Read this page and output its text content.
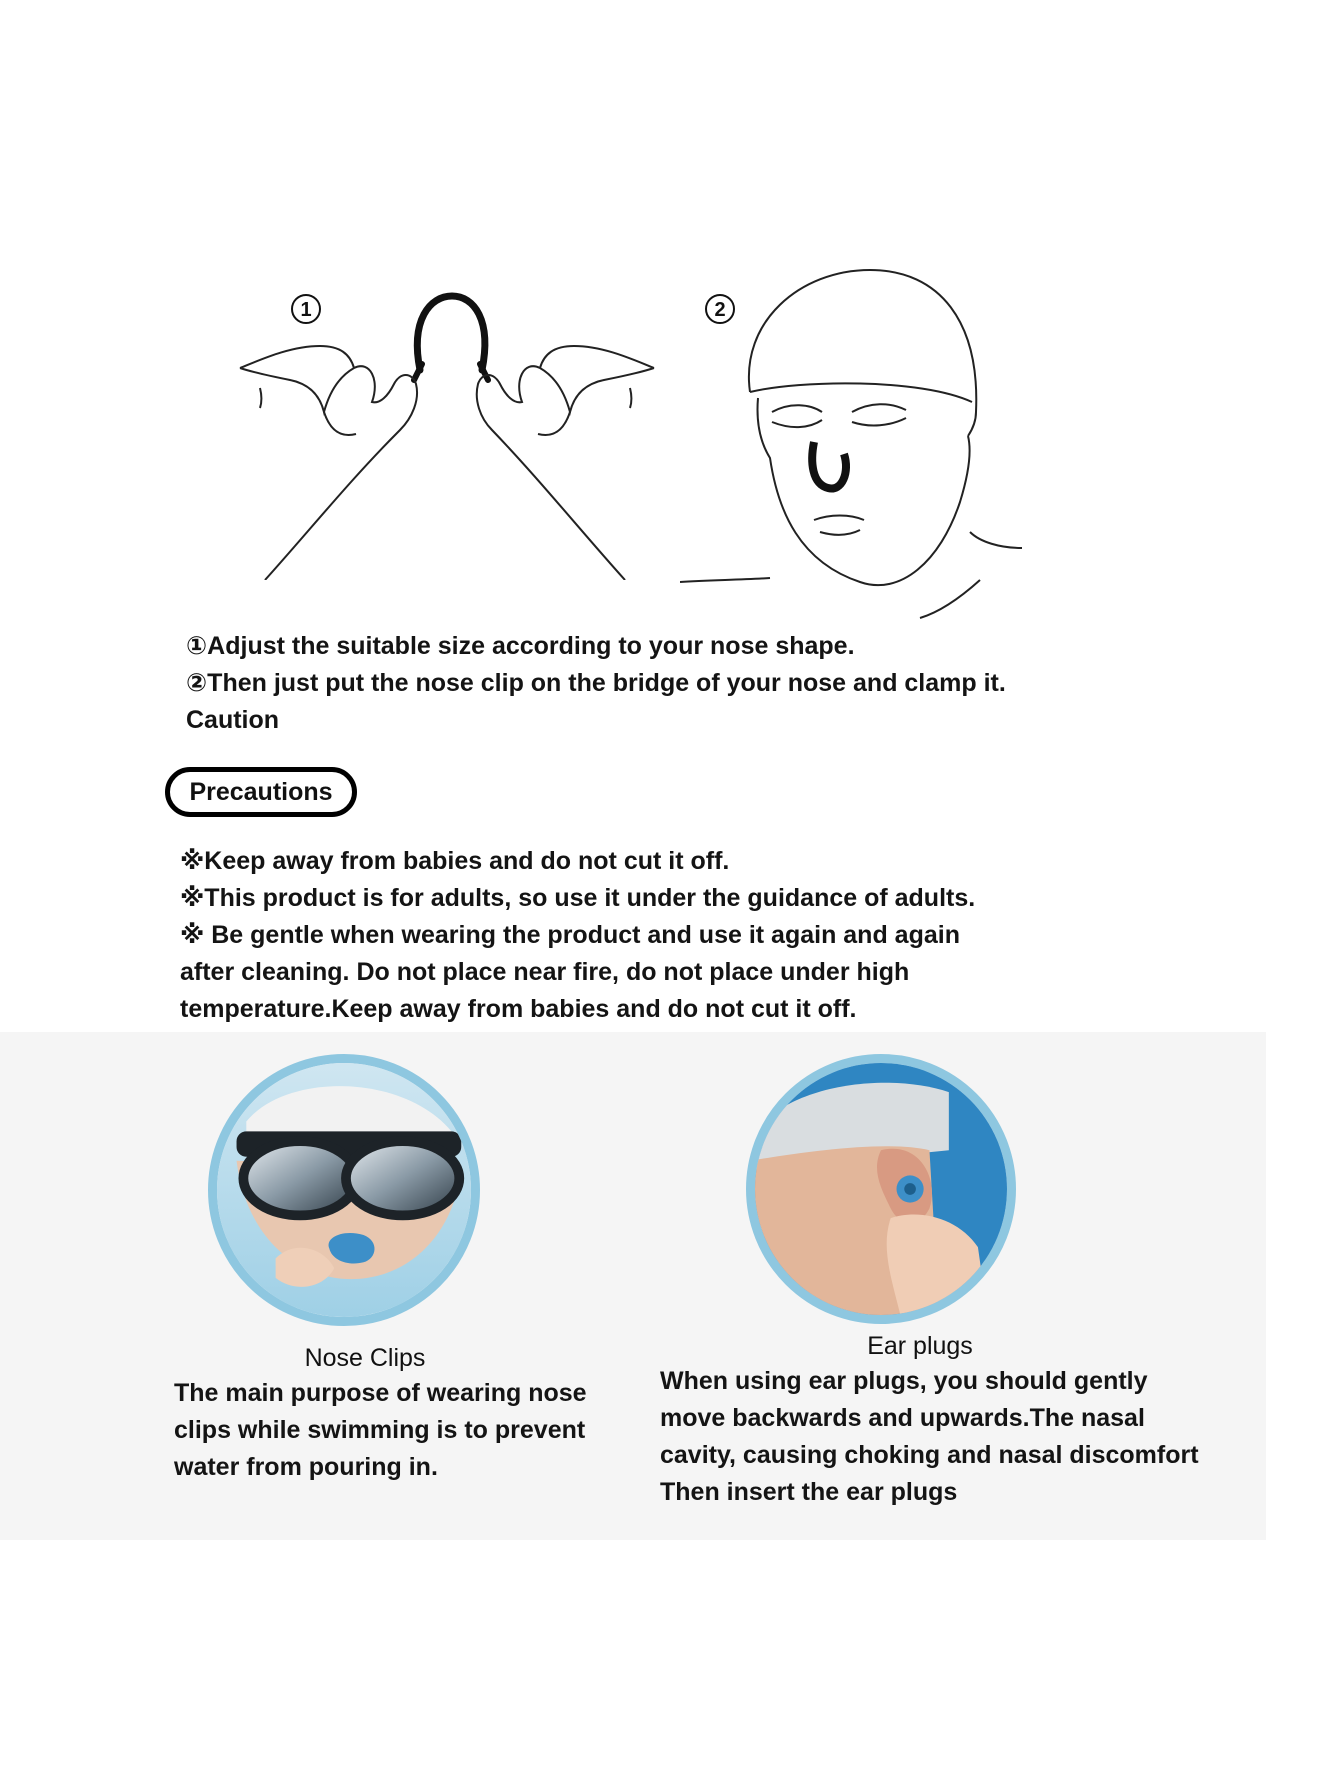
1	2
①Adjust the suitable size according to your nose shape.
②Then just put the nose clip on the bridge of your nose and clamp it.
Caution
Precautions
※Keep away from babies and do not cut it off.
※This product is for adults, so use it under the guidance of adults.
※ Be gentle when wearing the product and use it again and again
after cleaning. Do not place near fire, do not place under high
temperature.Keep away from babies and do not cut it off.
Nose Clips
The main purpose of wearing nose
clips while swimming is to prevent
water from pouring in.
Ear plugs
When using ear plugs, you should gently
move backwards and upwards.The nasal
cavity, causing choking and nasal discomfort
Then insert the ear plugs
